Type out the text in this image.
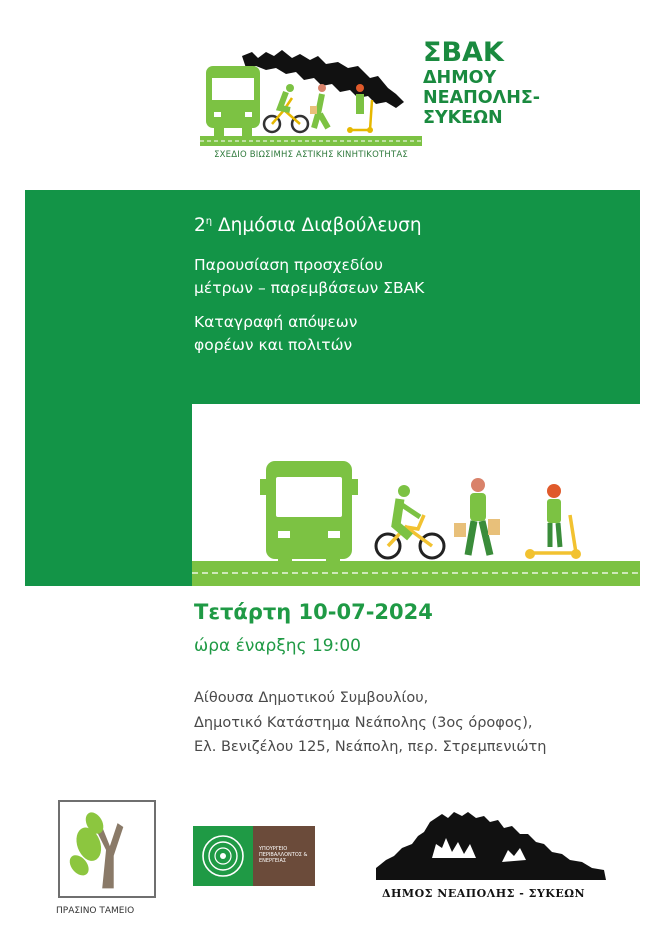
ΣΧΕΔΙΟ ΒΙΩΣΙΜΗΣ ΑΣΤΙΚΗΣ ΚΙΝΗΤΙΚΟΤΗΤΑΣ
ΣΒΑΚ
ΔΗΜΟΥ
ΝΕΑΠΟΛΗΣ-
ΣΥΚΕΩΝ
$2^\eta$ Δημόσια Διαβούλευση
Παρουσίαση προσχεδίου
μέτρων – παρεμβάσεων ΣΒΑΚ
Καταγραφή απόψεων
φορέων και πολιτών
Τετάρτη 10-07-2024
ώρα έναρξης 19:00
Αίθουσα Δημοτικού Συμβουλίου,
Δημοτικό Κατάστημα Νεάπολης (3ος όροφος),
Ελ. Βενιζέλου 125, Νεάπολη, περ. Στρεμπενιώτη
ΠΡΑΣΙΝΟ ΤΑΜΕΙΟ
ΥΠΟΥΡΓΕΙΟ ΠΕΡΙΒΑΛΛΟΝΤΟΣ & ΕΝΕΡΓΕΙΑΣ
ΔΗΜΟΣ ΝΕΑΠΟΛΗΣ - ΣΥΚΕΩΝ
